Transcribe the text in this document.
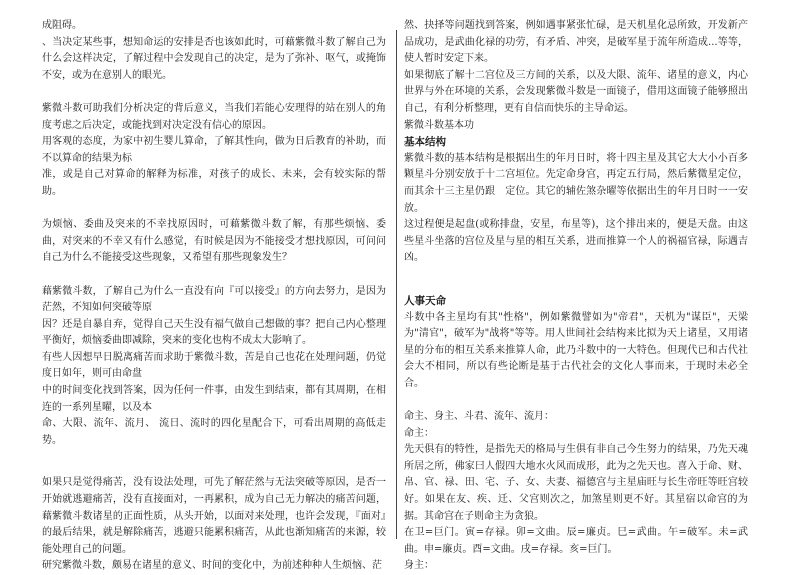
成阻碍。

、当决定某些事，想知命运的安排是否也该如此时，可藉紫微斗数了解自己为什么会这样决定，了解过程中会发现自己的决定，是为了弥补、呕气，或掩饰不安，或为在意别人的眼光。

紫微斗数可助我们分析决定的背后意义，当我们若能心安理得的站在别人的角度考虑之后决定，或能找到对决定没有信心的原因。

用客观的态度，为家中初生婴儿算命，了解其性向，做为日后教育的补助，而不以算命的结果为标

准，或是自己对算命的解释为标准，对孩子的成长、未来，会有较实际的帮助。

为烦恼、委曲及突来的不幸找原因时，可藉紫微斗数了解，有那些烦恼、委曲，对突来的不幸又有什么感觉，有时候是因为不能接受才想找原因，可问问自己为什么不能接受这些现象，又希望有那些现象发生？

藉紫微斗数，了解自己为什么一直没有向『可以接受』的方向去努力，是因为茫然，不知如何突破等原

因？还是自暴自弃，觉得自己天生没有福气做自己想做的事？把自己内心整理平衡好，烦恼委曲即减除，突来的变化也构不成太大影响了。

有些人因想早日脱离痛苦而求助于紫微斗数，苦是自己也花在处理问题，仍觉度日如年，则可由命盘

中的时间变化找到答案，因为任何一件事，由发生到结束，都有其周期，在相连的一系列星曜，以及本

命、大限、流年、流月、 流日、流时的四化星配合下，可看出周期的高低走势。

如果只是觉得痛苦，没有设法处理，可先了解茫然与无法突破等原因，是否一开始就逃避痛苦，没有直接面对，一再累积，成为自己无力解决的痛苦问题，藉紫微斗数诸星的正面性质，从头开始，以面对来处理，也许会发现，『面对』的最后结果，就是解除痛苦，逃避只能累积痛苦，从此也渐知痛苦的来源，较能处理自己的问题。

研究紫微斗数，颇易在诸星的意义、时间的变化中，为前述种种人生烦恼、茫

然、抉择等问题找到答案，例如遇事紧张忙碌，是天机星化忌所致，开发新产品成功，是武曲化禄的功劳，有矛盾、冲突，是破军星于流年所造成...等等，使人暂时安定下来。

如果彻底了解十二宫位及三方间的关系，以及大限、流年、诸星的意义，内心世界与外在环境的关系，会发现紫微斗数是一面镜子，借用这面镜子能够照出自己，有利分析整理，更有自信而快乐的主导命运。

紫微斗数基本功

基本结构

紫微斗数的基本结构是根据出生的年月日时，将十四主星及其它大大小小百多颗星斗分别安放于十二宫垣位。先定命身宫，再定五行局，然后紫微星定位，而其余十三主星仍跟　定位。其它的辅佐煞杂曜等依据出生的年月日时一一安放。

这过程便是起盘(或称排盘，安星，布星等)，这个排出来的，便是天盘。由这些星斗坐落的宫位及星与星的相互关系，进而推算一个人的祸福官禄，际遇吉凶。

人事天命

斗数中各主星均有其"性格"，例如紫微譬如为"帝君"，天机为"谋臣"，天梁为"清官"，破军为"战将"等等。用人世间社会结构来比拟为天上诸星，又用诸星的分布的相互关系来推算人命，此乃斗数中的一大特色。但现代已和古代社会大不相同，所以有些论断是基于古代社会的文化人事而来，于现时未必全合。

命主、身主、斗君、流年、流月：

命主：

先天俱有的特性，是指先天的格局与生俱有非自己今生努力的结果，乃先天魂所居之所，佛家曰人假四大地水火风而成形，此为之先天也。喜入于命、财、帛、官、禄、田、宅、子、女、夫妻、福德宫与主星庙旺与长生帝旺等旺宫较好。如果在友、疾、迁、父宫则次之，加煞星则更不好。其星宿以命宫的为据。其命宫在子则命主为贪狼。

在卫=巨门。寅=存禄。卯=文曲。辰=廉贞。巳=武曲。午=破军。未=武曲。申=廉贞。酉=文曲。戌=存禄。亥=巨门。

身主：
